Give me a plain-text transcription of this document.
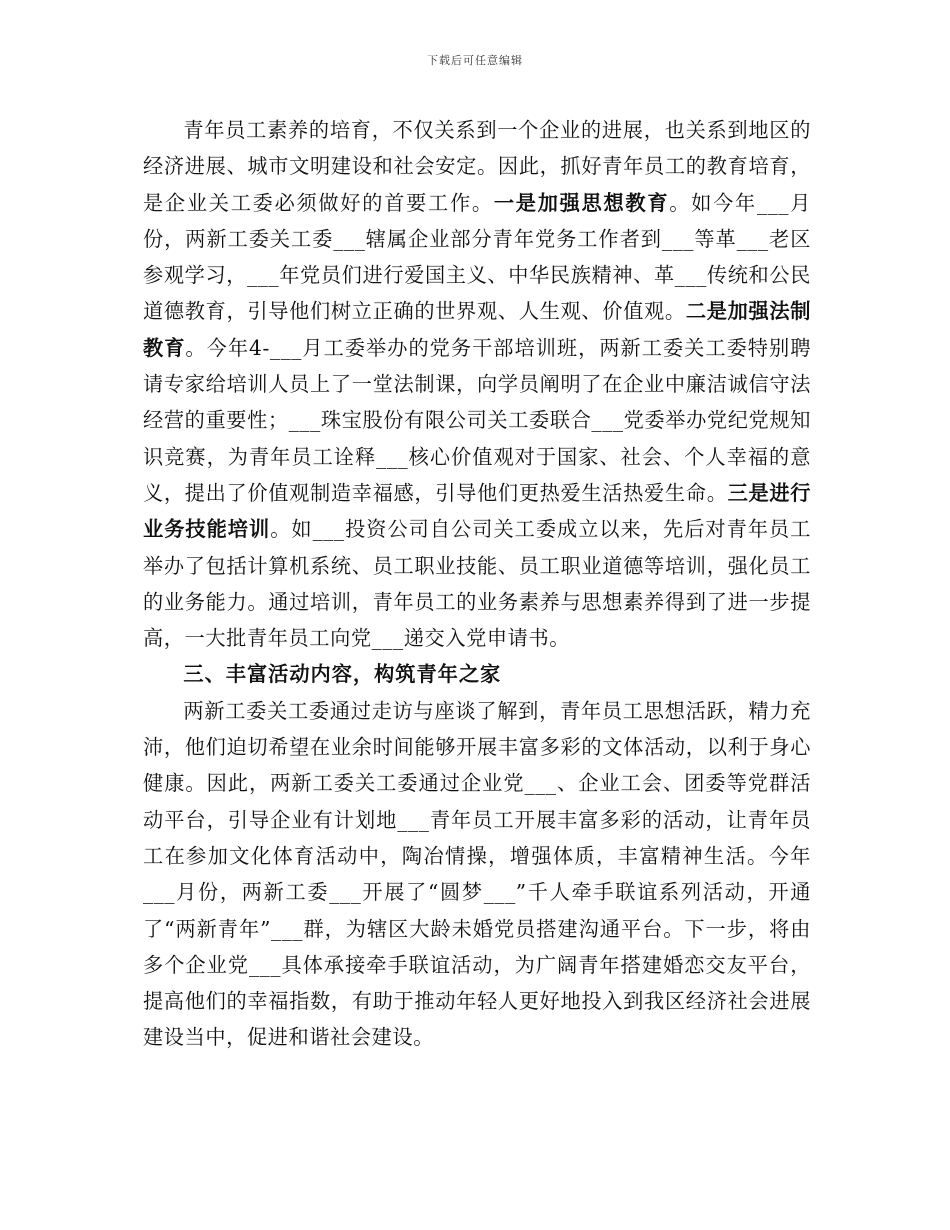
下载后可任意编辑

青年员工素养的培育，不仅关系到一个企业的进展，也关系到地区的经济进展、城市文明建设和社会安定。因此，抓好青年员工的教育培育，是企业关工委必须做好的首要工作。一是加强思想教育。如今年___月份，两新工委关工委___辖属企业部分青年党务工作者到___等革___老区参观学习，___年党员们进行爱国主义、中华民族精神、革___传统和公民道德教育，引导他们树立正确的世界观、人生观、价值观。二是加强法制教育。今年4-___月工委举办的党务干部培训班，两新工委关工委特别聘请专家给培训人员上了一堂法制课，向学员阐明了在企业中廉洁诚信守法经营的重要性；___珠宝股份有限公司关工委联合___党委举办党纪党规知识竞赛，为青年员工诠释___核心价值观对于国家、社会、个人幸福的意义，提出了价值观制造幸福感，引导他们更热爱生活热爱生命。三是进行业务技能培训。如___投资公司自公司关工委成立以来，先后对青年员工举办了包括计算机系统、员工职业技能、员工职业道德等培训，强化员工的业务能力。通过培训，青年员工的业务素养与思想素养得到了进一步提高，一大批青年员工向党___递交入党申请书。

三、丰富活动内容，构筑青年之家

两新工委关工委通过走访与座谈了解到，青年员工思想活跃，精力充沛，他们迫切希望在业余时间能够开展丰富多彩的文体活动，以利于身心健康。因此，两新工委关工委通过企业党___、企业工会、团委等党群活动平台，引导企业有计划地___青年员工开展丰富多彩的活动，让青年员工在参加文化体育活动中，陶冶情操，增强体质，丰富精神生活。今年___月份，两新工委___开展了“圆梦___”千人牵手联谊系列活动，开通了“两新青年”___群，为辖区大龄未婚党员搭建沟通平台。下一步，将由多个企业党___具体承接牵手联谊活动，为广阔青年搭建婚恋交友平台，提高他们的幸福指数，有助于推动年轻人更好地投入到我区经济社会进展建设当中，促进和谐社会建设。
